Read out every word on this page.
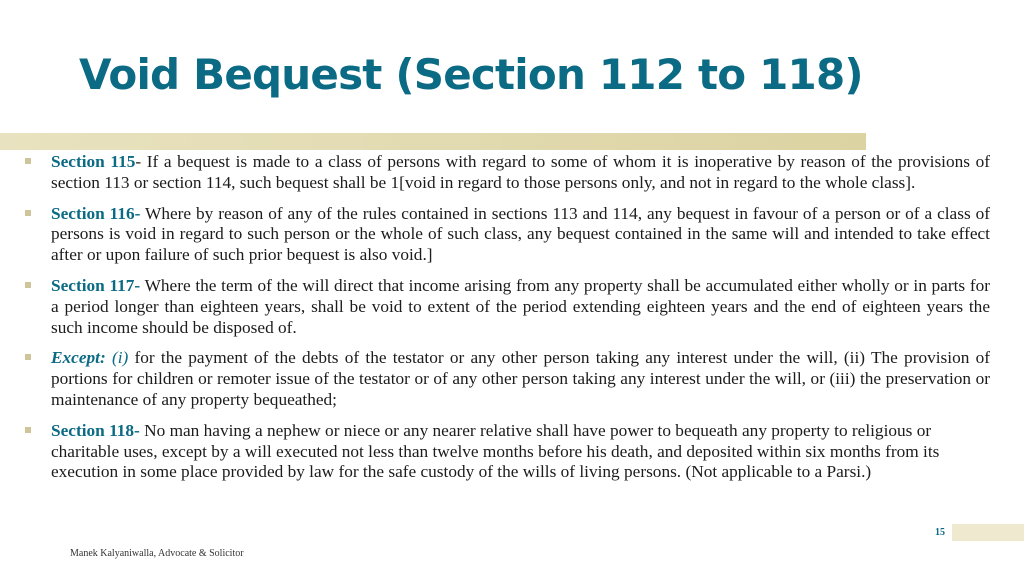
Void Bequest (Section 112 to 118)
Section 115- If a bequest is made to a class of persons with regard to some of whom it is inoperative by reason of the provisions of section 113 or section 114, such bequest shall be 1[void in regard to those persons only, and not in regard to the whole class].
Section 116- Where by reason of any of the rules contained in sections 113 and 114, any bequest in favour of a person or of a class of persons is void in regard to such person or the whole of such class, any bequest contained in the same will and intended to take effect after or upon failure of such prior bequest is also void.]
Section 117- Where the term of the will direct that income arising from any property shall be accumulated either wholly or in parts for a period longer than eighteen years, shall be void to extent of the period extending eighteen years and the end of eighteen years the such income should be disposed of.
Except: (i) for the payment of the debts of the testator or any other person taking any interest under the will, (ii) The provision of portions for children or remoter issue of the testator or of any other person taking any interest under the will, or (iii) the preservation or maintenance of any property bequeathed;
Section 118- No man having a nephew or niece or any nearer relative shall have power to bequeath any property to religious or charitable uses, except by a will executed not less than twelve months before his death, and deposited within six months from its execution in some place provided by law for the safe custody of the wills of living persons. (Not applicable to a Parsi.)
15
Manek Kalyaniwalla, Advocate & Solicitor
